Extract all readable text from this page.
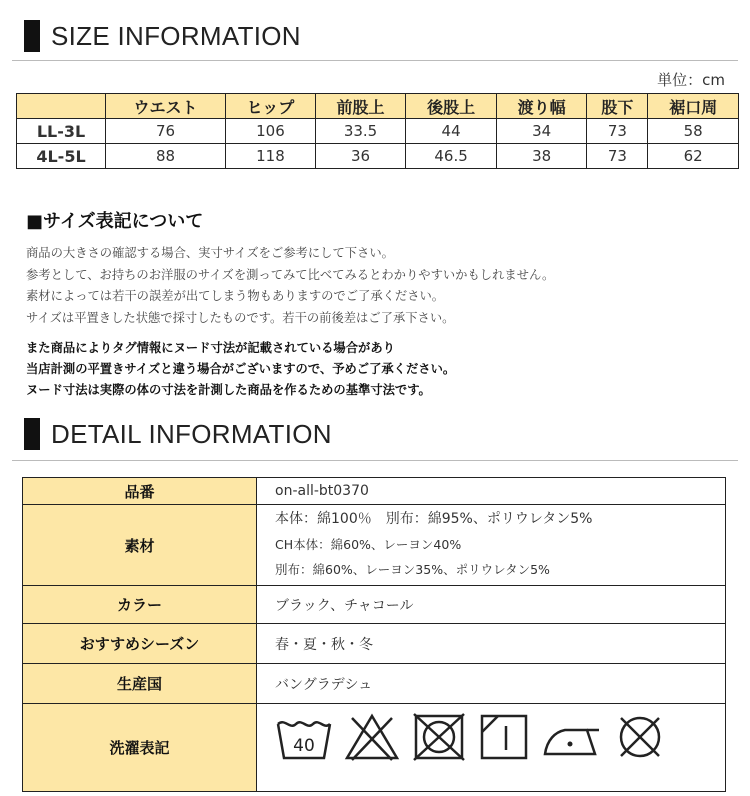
SIZE INFORMATION
単位：cm
	ウエスト	ヒップ	前股上	後股上	渡り幅	股下	裾口周
LL-3L	76	106	33.5	44	34	73	58
4L-5L	88	118	36	46.5	38	73	62
■サイズ表記について
商品の大きさの確認する場合、実寸サイズをご参考にして下さい。
参考として、お持ちのお洋服のサイズを測ってみて比べてみるとわかりやすいかもしれません。
素材によっては若干の誤差が出てしまう物もありますのでご了承ください。
サイズは平置きした状態で採寸したものです。若干の前後差はご了承下さい。
また商品によりタグ情報にヌード寸法が記載されている場合があり
当店計測の平置きサイズと違う場合がございますので、予めご了承ください。
ヌード寸法は実際の体の寸法を計測した商品を作るための基準寸法です。
DETAIL INFORMATION
品番	on-all-bt0370
素材	本体：綿100％　別布：綿95%、ポリウレタン5%
CH本体：綿60%、レーヨン40%
別布：綿60%、レーヨン35%、ポリウレタン5%

カラー	ブラック、チャコール
おすすめシーズン	春・夏・秋・冬
生産国	バングラデシュ
洗濯表記	40
